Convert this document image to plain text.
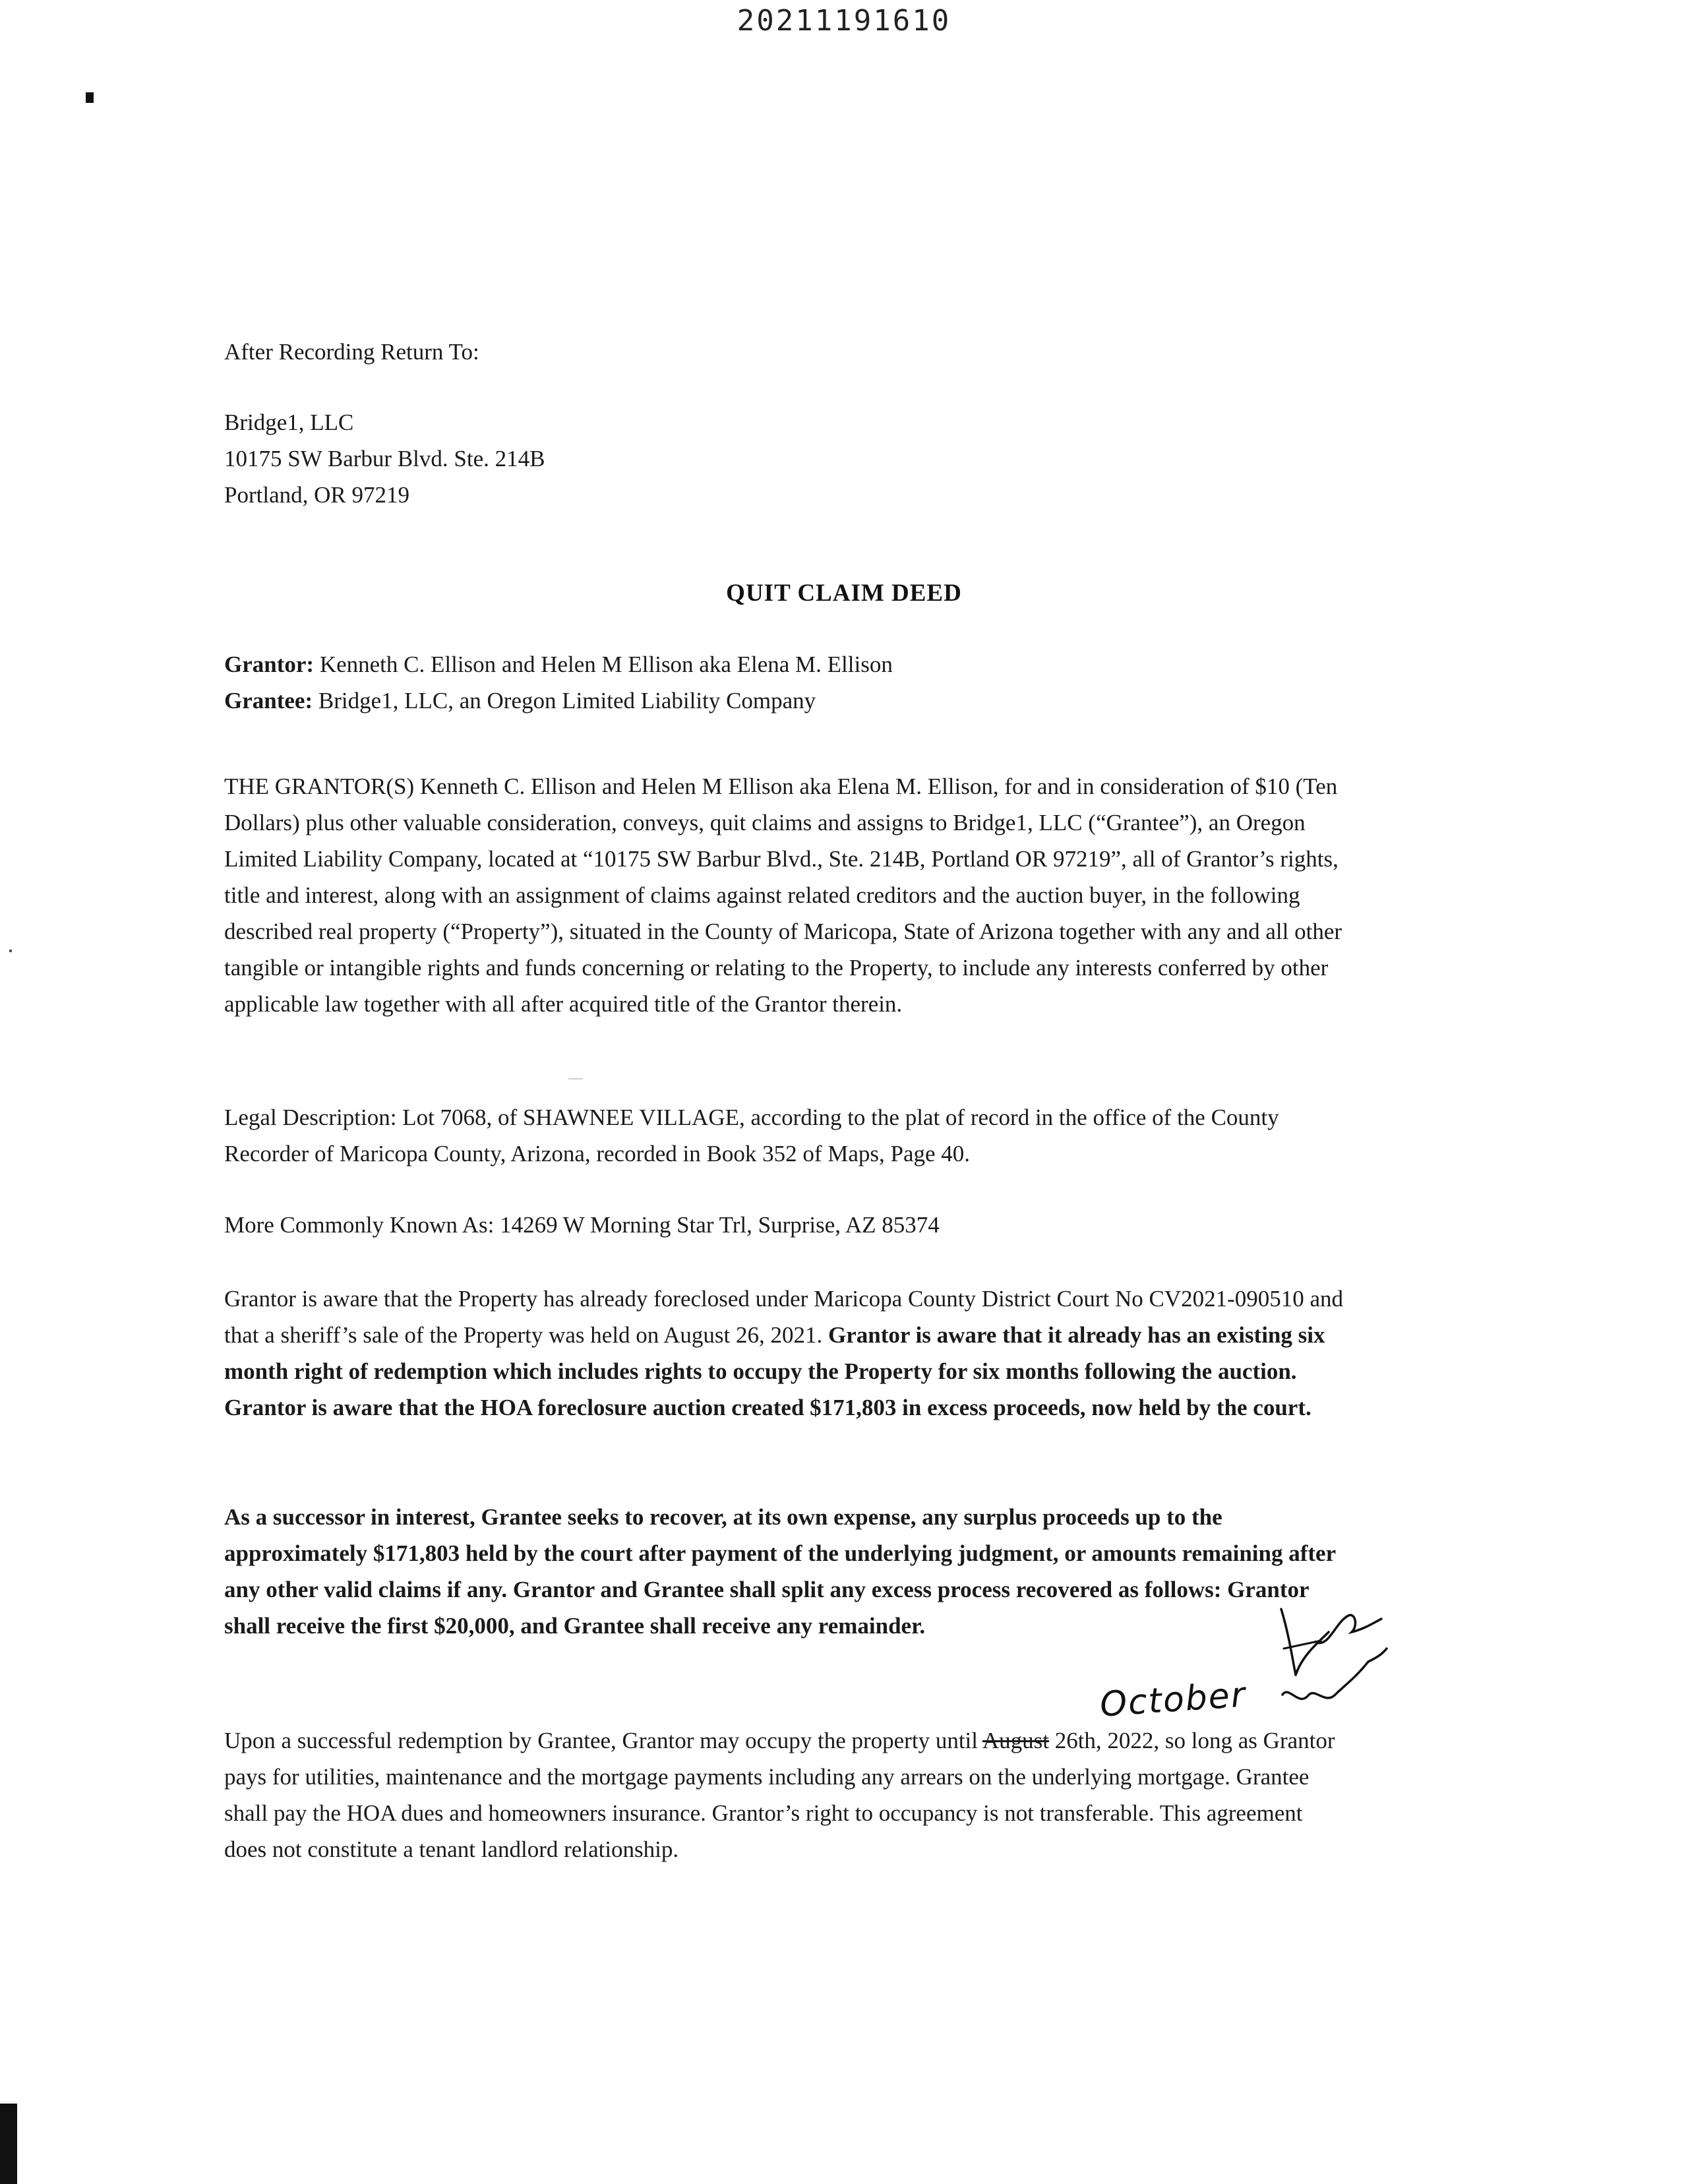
20211191610
After Recording Return To:
Bridge1, LLC
10175 SW Barbur Blvd. Ste. 214B
Portland, OR 97219
QUIT CLAIM DEED
Grantor: Kenneth C. Ellison and Helen M Ellison aka Elena M. Ellison
Grantee: Bridge1, LLC, an Oregon Limited Liability Company
THE GRANTOR(S) Kenneth C. Ellison and Helen M Ellison aka Elena M. Ellison, for and in consideration of $10 (Ten Dollars) plus other valuable consideration, conveys, quit claims and assigns to Bridge1, LLC (“Grantee”), an Oregon Limited Liability Company, located at “10175 SW Barbur Blvd., Ste. 214B, Portland OR 97219”, all of Grantor’s rights, title and interest, along with an assignment of claims against related creditors and the auction buyer, in the following described real property (“Property”), situated in the County of Maricopa, State of Arizona together with any and all other tangible or intangible rights and funds concerning or relating to the Property, to include any interests conferred by other applicable law together with all after acquired title of the Grantor therein.
Legal Description: Lot 7068, of SHAWNEE VILLAGE, according to the plat of record in the office of the County Recorder of Maricopa County, Arizona, recorded in Book 352 of Maps, Page 40.
More Commonly Known As: 14269 W Morning Star Trl, Surprise, AZ 85374
Grantor is aware that the Property has already foreclosed under Maricopa County District Court No CV2021-090510 and that a sheriff’s sale of the Property was held on August 26, 2021. Grantor is aware that it already has an existing six month right of redemption which includes rights to occupy the Property for six months following the auction. Grantor is aware that the HOA foreclosure auction created $171,803 in excess proceeds, now held by the court.
As a successor in interest, Grantee seeks to recover, at its own expense, any surplus proceeds up to the approximately $171,803 held by the court after payment of the underlying judgment, or amounts remaining after any other valid claims if any. Grantor and Grantee shall split any excess process recovered as follows: Grantor shall receive the first $20,000, and Grantee shall receive any remainder.
October
Upon a successful redemption by Grantee, Grantor may occupy the property until August 26th, 2022, so long as Grantor pays for utilities, maintenance and the mortgage payments including any arrears on the underlying mortgage. Grantee shall pay the HOA dues and homeowners insurance. Grantor’s right to occupancy is not transferable. This agreement does not constitute a tenant landlord relationship.
